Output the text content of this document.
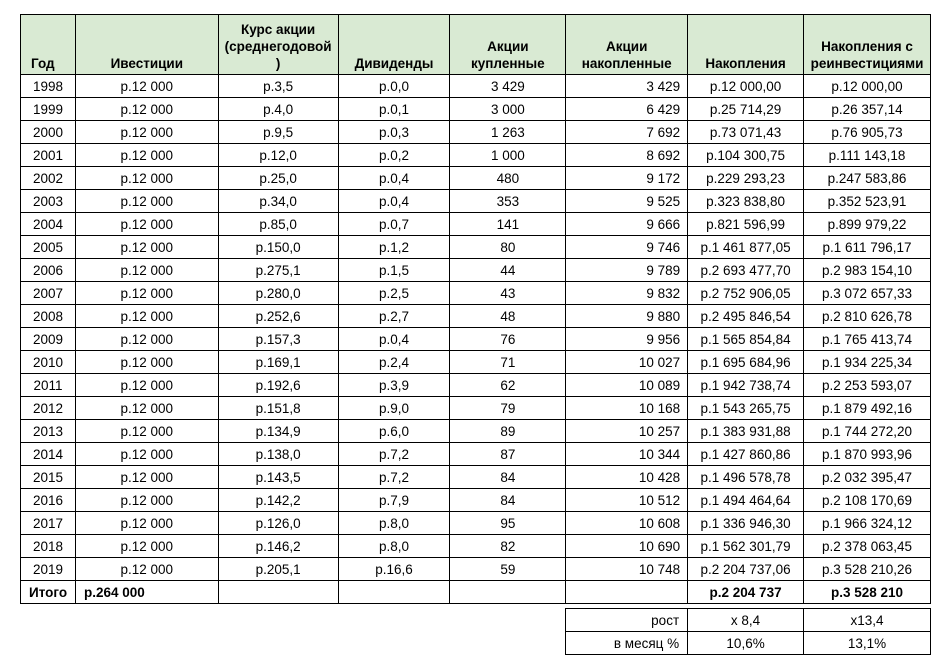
Год	Ивестиции	Курс акции (среднегодовой )	Дивиденды	Акции купленные	Акции накопленные	Накопления	Накопления с реинвестициями
1998	р.12 000	р.3,5	р.0,0	3 429	3 429	р.12 000,00	р.12 000,00
1999	р.12 000	р.4,0	р.0,1	3 000	6 429	р.25 714,29	р.26 357,14
2000	р.12 000	р.9,5	р.0,3	1 263	7 692	р.73 071,43	р.76 905,73
2001	р.12 000	р.12,0	р.0,2	1 000	8 692	р.104 300,75	р.111 143,18
2002	р.12 000	р.25,0	р.0,4	480	9 172	р.229 293,23	р.247 583,86
2003	р.12 000	р.34,0	р.0,4	353	9 525	р.323 838,80	р.352 523,91
2004	р.12 000	р.85,0	р.0,7	141	9 666	р.821 596,99	р.899 979,22
2005	р.12 000	р.150,0	р.1,2	80	9 746	р.1 461 877,05	р.1 611 796,17
2006	р.12 000	р.275,1	р.1,5	44	9 789	р.2 693 477,70	р.2 983 154,10
2007	р.12 000	р.280,0	р.2,5	43	9 832	р.2 752 906,05	р.3 072 657,33
2008	р.12 000	р.252,6	р.2,7	48	9 880	р.2 495 846,54	р.2 810 626,78
2009	р.12 000	р.157,3	р.0,4	76	9 956	р.1 565 854,84	р.1 765 413,74
2010	р.12 000	р.169,1	р.2,4	71	10 027	р.1 695 684,96	р.1 934 225,34
2011	р.12 000	р.192,6	р.3,9	62	10 089	р.1 942 738,74	р.2 253 593,07
2012	р.12 000	р.151,8	р.9,0	79	10 168	р.1 543 265,75	р.1 879 492,16
2013	р.12 000	р.134,9	р.6,0	89	10 257	р.1 383 931,88	р.1 744 272,20
2014	р.12 000	р.138,0	р.7,2	87	10 344	р.1 427 860,86	р.1 870 993,96
2015	р.12 000	р.143,5	р.7,2	84	10 428	р.1 496 578,78	р.2 032 395,47
2016	р.12 000	р.142,2	р.7,9	84	10 512	р.1 494 464,64	р.2 108 170,69
2017	р.12 000	р.126,0	р.8,0	95	10 608	р.1 336 946,30	р.1 966 324,12
2018	р.12 000	р.146,2	р.8,0	82	10 690	р.1 562 301,79	р.2 378 063,45
2019	р.12 000	р.205,1	р.16,6	59	10 748	р.2 204 737,06	р.3 528 210,26
Итого	р.264 000					р.2 204 737	р.3 528 210

					рост	x 8,4	x13,4
					в месяц %	10,6%	13,1%
